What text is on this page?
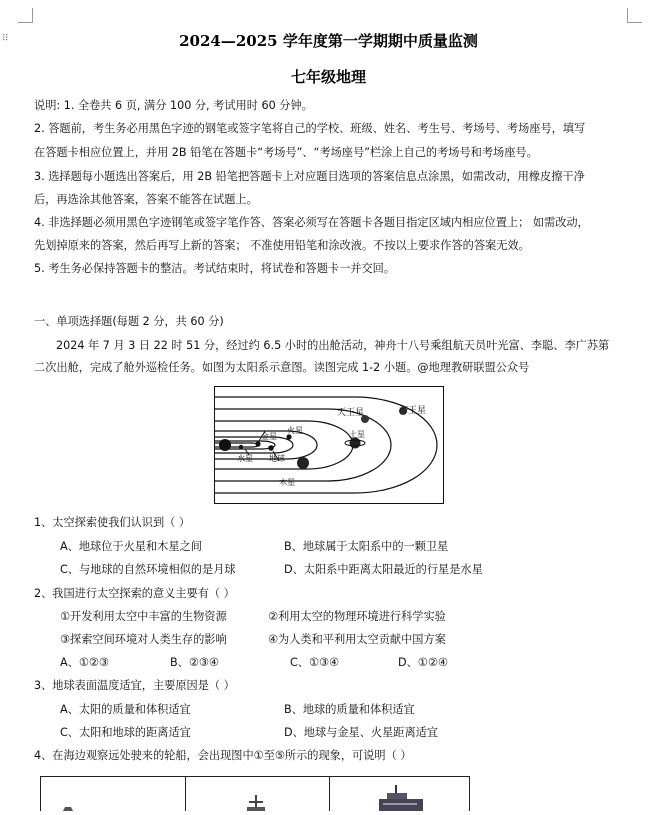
⠿	2024—2025 学年度第一学期期中质量监测
七年级地理
说明: 1. 全卷共 6 页, 满分 100 分, 考试用时 60 分钟。
2. 答题前，考生务必用黑色字迹的钢笔或签字笔将自己的学校、班级、姓名、考生号、考场号、考场座号，填写
在答题卡相应位置上，并用 2B 铅笔在答题卡“考场号”、“考场座号”栏涂上自己的考场号和考场座号。
3. 选择题每小题选出答案后，用 2B 铅笔把答题卡上对应题目选项的答案信息点涂黑，如需改动，用橡皮擦干净
后，再选涂其他答案，答案不能答在试题上。
4. 非选择题必须用黑色字迹钢笔或签字笔作答、答案必须写在答题卡各题目指定区域内相应位置上； 如需改动，
先划掉原来的答案，然后再写上新的答案； 不准使用铅笔和涂改液。不按以上要求作答的答案无效。
5. 考生务必保持答题卡的整洁。考试结束时，将试卷和答题卡一并交回。
一、单项选择题(每题 2 分，共 60 分)
2024 年 7 月 3 日 22 时 51 分，经过约 6.5 小时的出舱活动，神舟十八号乘组航天员叶光富、李聪、李广苏第
二次出舱，完成了舱外巡检任务。如图为太阳系示意图。读图完成 1-2 小题。@地理教研联盟公众号
天王星	海王星
火星
金星	土星
水星 地球
木星
1、太空探索使我们认识到（ ）
A、地球位于火星和木星之间	B、地球属于太阳系中的一颗卫星
C、与地球的自然环境相似的是月球	D、太阳系中距离太阳最近的行星是水星
2、我国进行太空探索的意义主要有（ ）
①开发利用太空中丰富的生物资源	②利用太空的物理环境进行科学实验
③探索空间环境对人类生存的影响	④为人类和平利用太空贡献中国方案
A、①②③	B、②③④	C、①③④	D、①②④
3、地球表面温度适宜，主要原因是（ ）
A、太阳的质量和体积适宜	B、地球的质量和体积适宜
C、太阳和地球的距离适宜	D、地球与金星、火星距离适宜
4、在海边观察远处驶来的轮船，会出现图中①至⑤所示的现象，可说明（ ）
